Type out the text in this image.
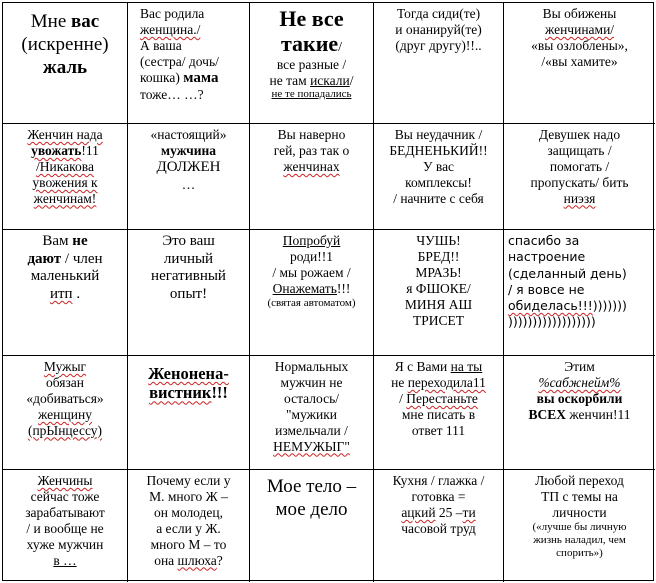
Мне вас

(искренне)

жаль

Вас родила

женщина./

А ваша

(сестра/ дочь/

кошка) мама

тоже… …?

Не все

такие/

все разные /

не там искали/

не те попадались

Тогда сиди(те)

и онанируй(те)

(друг другу)!!..

Вы обижены

женчинами/

«вы озлоблены»,

/«вы хамите»

Женчин нада

увожать!11

/Никакова

увожения к

женчинам!

«настоящий»

мужчина

ДОЛЖЕН

…

Вы наверно

гей, раз так о

женчинах

Вы неудачник /

БЕДНЕНЬКИЙ!!

У вас

комплексы!

/ начните с себя

Девушек надо

защищать /

помогать /

пропускать/ бить

ниэзя

Вам не

дают / член

маленький

итп .

Это ваш

личный

негативный

опыт!

Попробуй

роди!!1

/ мы рожаем /

Онажемать!!!

(святая автоматом)

ЧУШЬ!

БРЕД!!

МРАЗЬ!

я ФШОКЕ/

МИНЯ АШ

ТРИСЕТ

спасибо за

настроение

(сделанный день)

/ я вовсе не

обиделась!!!)))))))

))))))))))))))))))

Мужыг

обязан

«добиваться»

женщину

(прЫнцессу)

Женонена-

вистник!!!

Нормальных

мужчин не

осталось/

"мужики

измельчали /

НЕМУЖЫГ"

Я с Вами на ты

не переходила11

/ Перестаньте

мне писать в

ответ 111

Этим

%сабжнейм%

вы оскорбили

ВСЕХ женчин!11

Женчины

сейчас тоже

зарабатывают

/ и вообще не

хуже мужчин

в …

Почему если у

М. много Ж –

он молодец,

а если у Ж.

много М – то

она шлюха?

Мое тело –

мое дело

Кухня / глажка /

готовка =

ацкий 25 –ти

часовой труд

Любой переход

ТП с темы на

личности

(«лучше бы личную

жизнь наладил, чем

спорить»)
